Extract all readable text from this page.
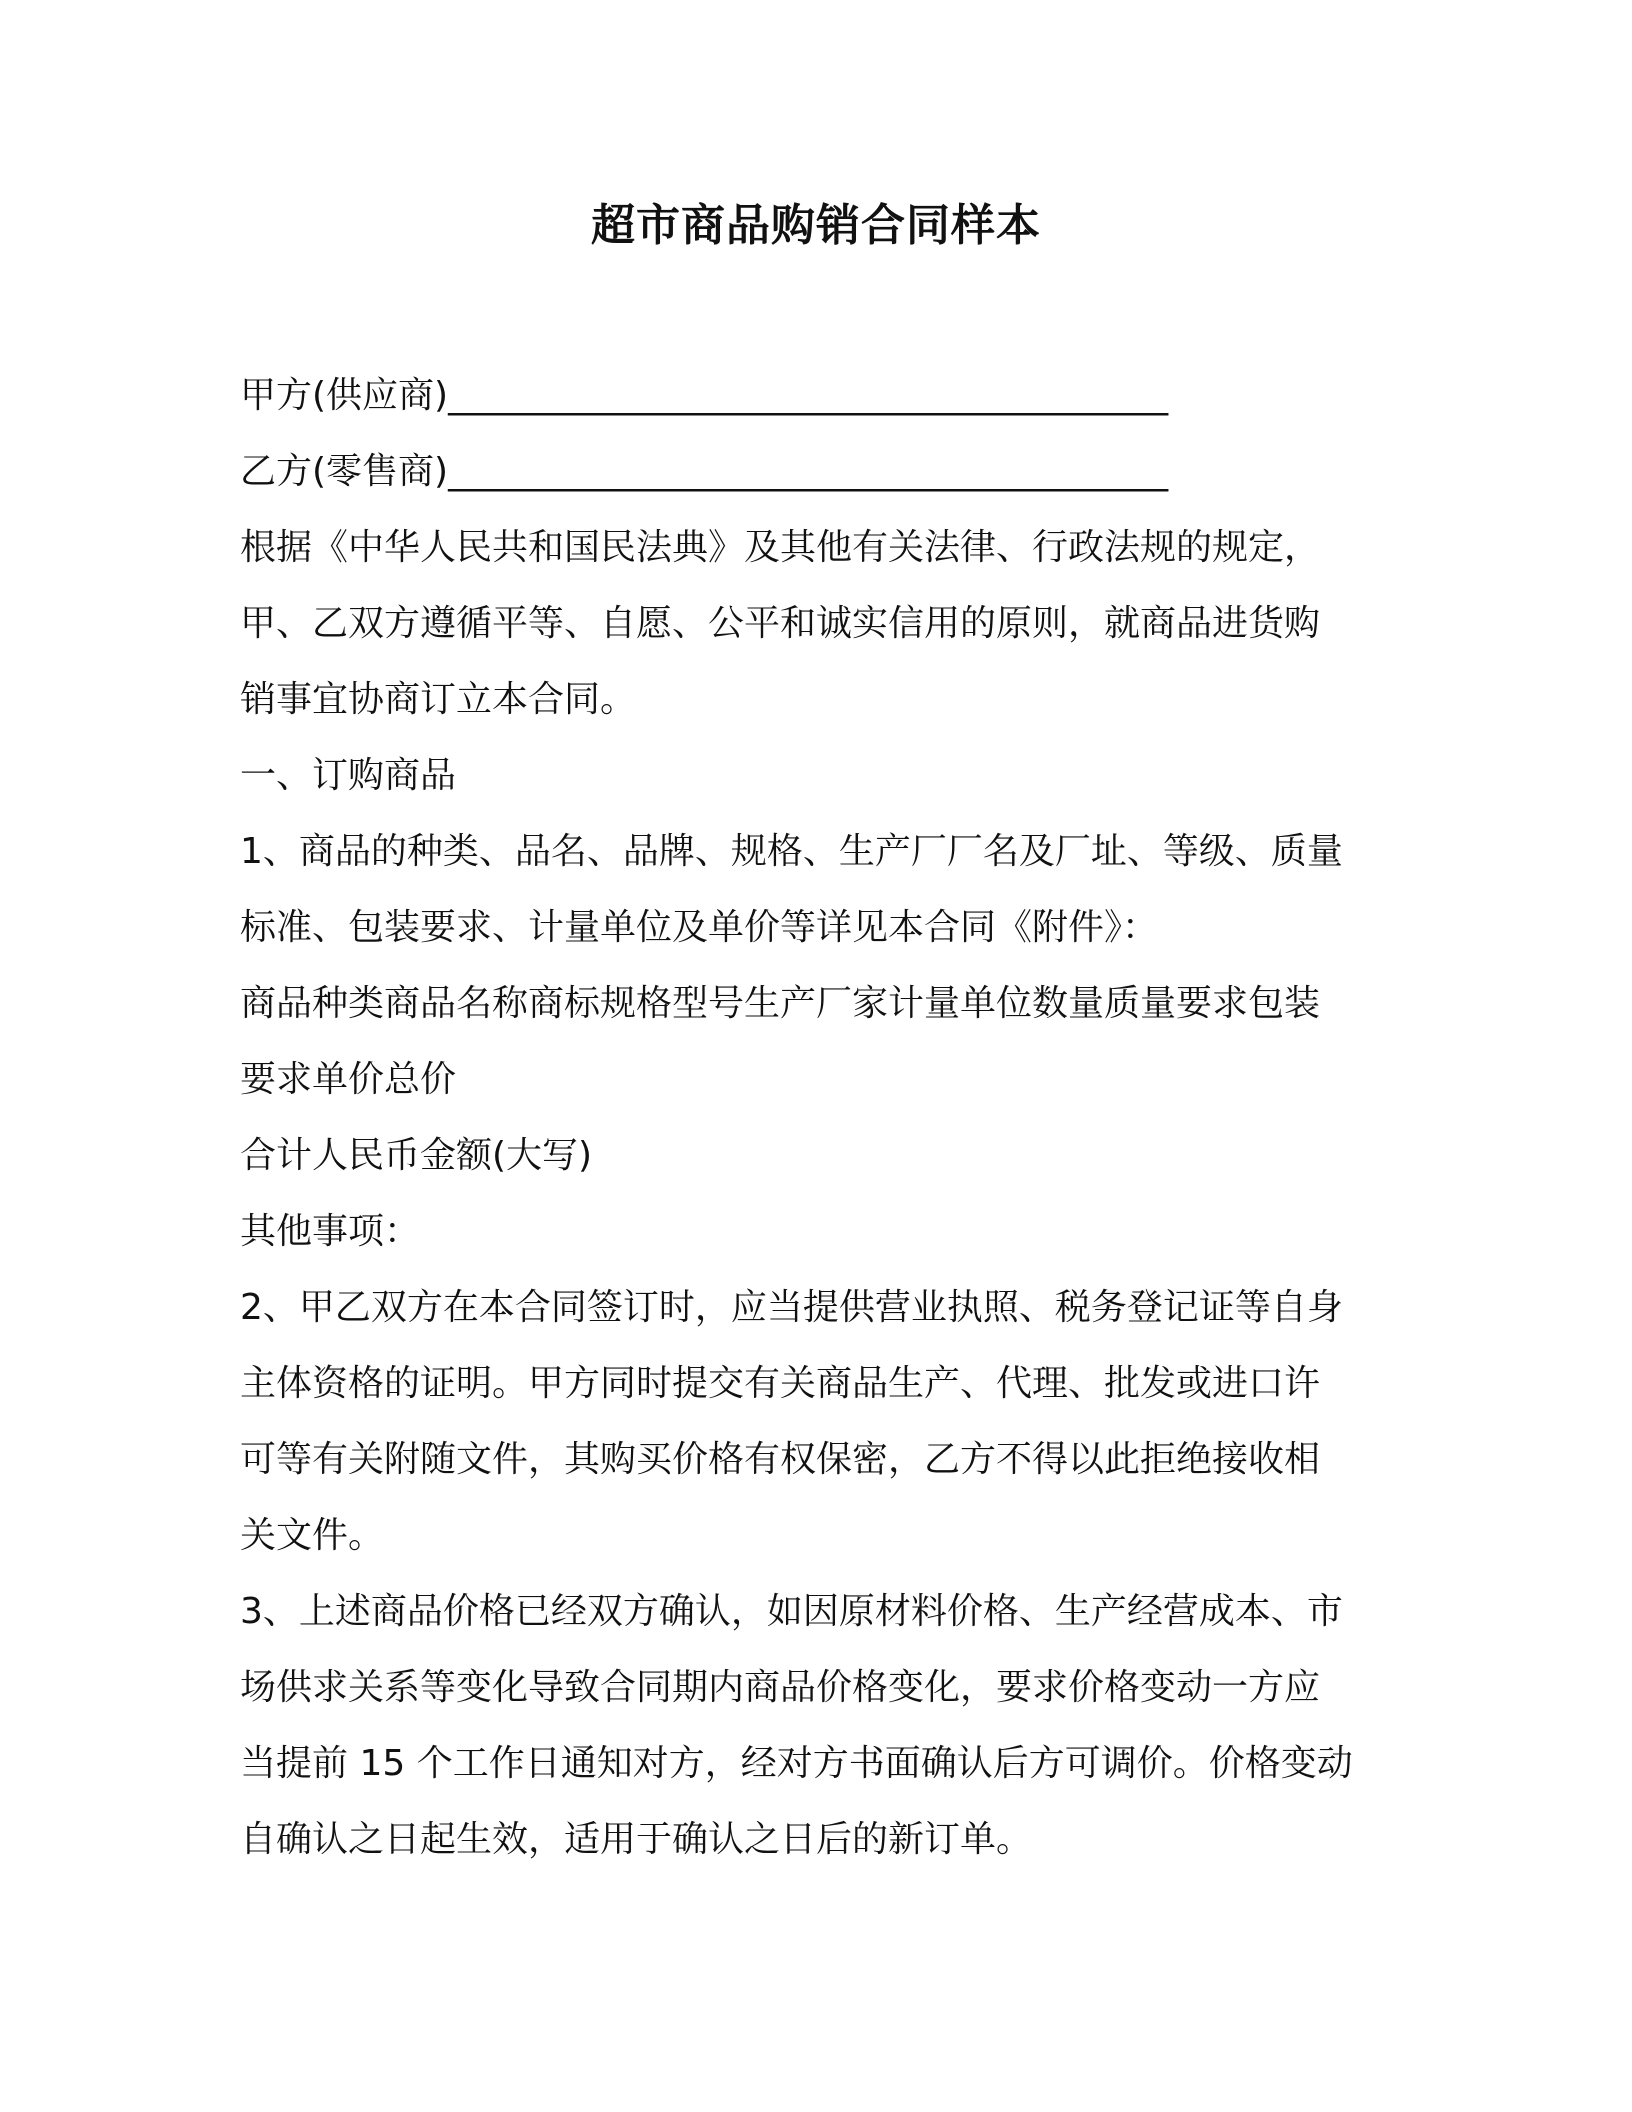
超市商品购销合同样本
甲方(供应商)________________________________________
乙方(零售商)________________________________________
根据《中华人民共和国民法典》及其他有关法律、行政法规的规定，
甲、乙双方遵循平等、自愿、公平和诚实信用的原则，就商品进货购
销事宜协商订立本合同。
一、订购商品
1、商品的种类、品名、品牌、规格、生产厂厂名及厂址、等级、质量
标准、包装要求、计量单位及单价等详见本合同《附件》：
商品种类商品名称商标规格型号生产厂家计量单位数量质量要求包装
要求单价总价
合计人民币金额(大写)
其他事项：
2、甲乙双方在本合同签订时，应当提供营业执照、税务登记证等自身
主体资格的证明。甲方同时提交有关商品生产、代理、批发或进口许
可等有关附随文件，其购买价格有权保密，乙方不得以此拒绝接收相
关文件。
3、上述商品价格已经双方确认，如因原材料价格、生产经营成本、市
场供求关系等变化导致合同期内商品价格变化，要求价格变动一方应
当提前 15 个工作日通知对方，经对方书面确认后方可调价。价格变动
自确认之日起生效，适用于确认之日后的新订单。
